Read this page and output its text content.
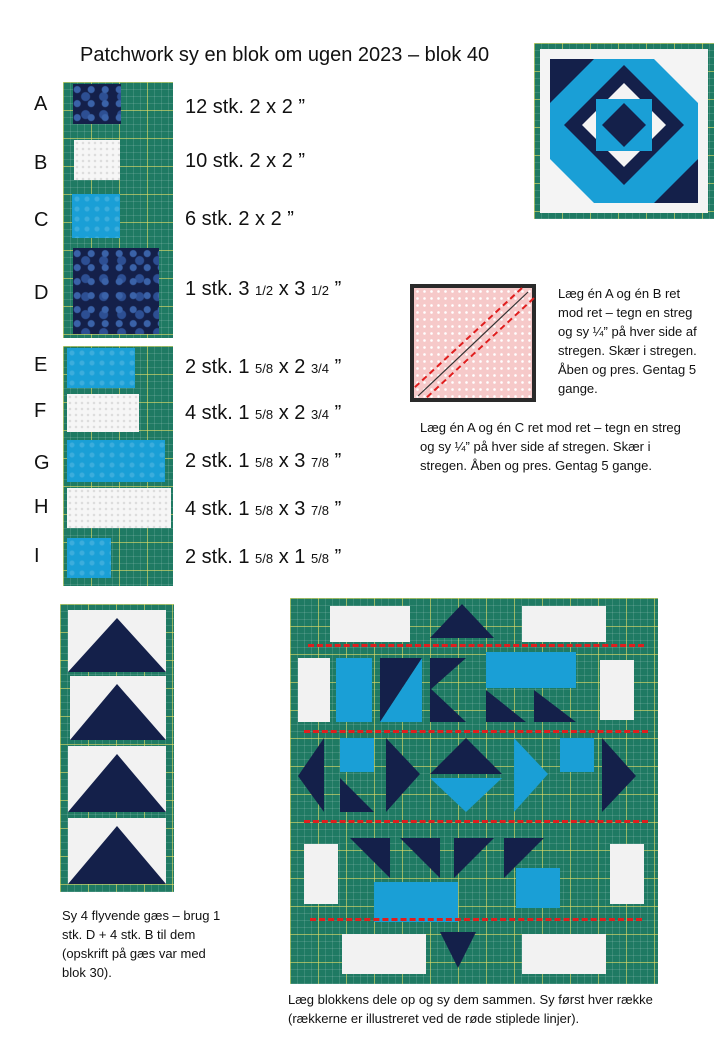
Patchwork sy en blok om ugen 2023 – blok 40
A
B
C
D
E
F
G
H
I
12 stk. 2 x 2 ”
10 stk. 2 x 2 ”
6 stk. 2 x 2 ”
1 stk. 3 1/2 x 3 1/2 ”
2 stk. 1 5/8 x 2 3/4 ”
4 stk. 1 5/8 x 2 3/4 ”
2 stk. 1 5/8 x 3 7/8 ”
4 stk. 1 5/8 x 3 7/8 ”
2 stk. 1 5/8 x 1 5/8 ”
Læg én A og én B ret mod ret – tegn en streg og sy ¼” på hver side af stregen. Skær i stregen. Åben og pres. Gentag 5 gange.
Læg én A og én C ret mod ret – tegn en streg og sy ¼” på hver side af stregen. Skær i stregen. Åben og pres. Gentag 5 gange.
Sy 4 flyvende gæs – brug 1 stk. D + 4 stk. B til dem (opskrift på gæs var med blok 30).
Læg blokkens dele op og sy dem sammen. Sy først hver række (rækkerne er illustreret ved de røde stiplede linjer).
